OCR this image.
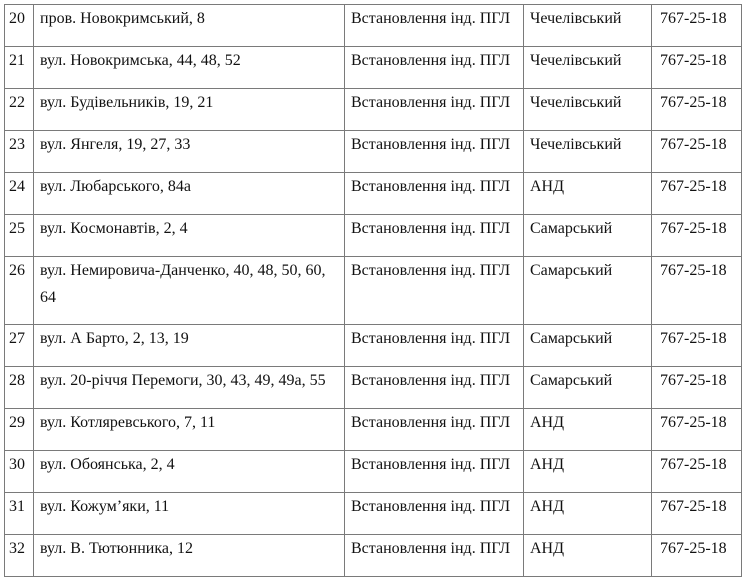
20	пров. Новокримський, 8	Встановлення інд. ПГЛ	Чечелівський	767-25-18

21	вул. Новокримська, 44, 48, 52	Встановлення інд. ПГЛ	Чечелівський	767-25-18

22	вул. Будівельників, 19, 21	Встановлення інд. ПГЛ	Чечелівський	767-25-18

23	вул. Янгеля, 19, 27, 33	Встановлення інд. ПГЛ	Чечелівський	767-25-18

24	вул. Любарського, 84а	Встановлення інд. ПГЛ	АНД	767-25-18

25	вул. Космонавтів, 2, 4	Встановлення інд. ПГЛ	Самарський	767-25-18

26	вул. Немировича-Данченко, 40, 48, 50, 60, 64	Встановлення інд. ПГЛ	Самарський	767-25-18

27	вул. А Барто, 2, 13, 19	Встановлення інд. ПГЛ	Самарський	767-25-18

28	вул. 20-річчя Перемоги, 30, 43, 49, 49а, 55	Встановлення інд. ПГЛ	Самарський	767-25-18

29	вул. Котляревського, 7, 11	Встановлення інд. ПГЛ	АНД	767-25-18

30	вул. Обоянська, 2, 4	Встановлення інд. ПГЛ	АНД	767-25-18

31	вул. Кожумʼяки, 11	Встановлення інд. ПГЛ	АНД	767-25-18

32	вул. В. Тютюнника, 12	Встановлення інд. ПГЛ	АНД	767-25-18
